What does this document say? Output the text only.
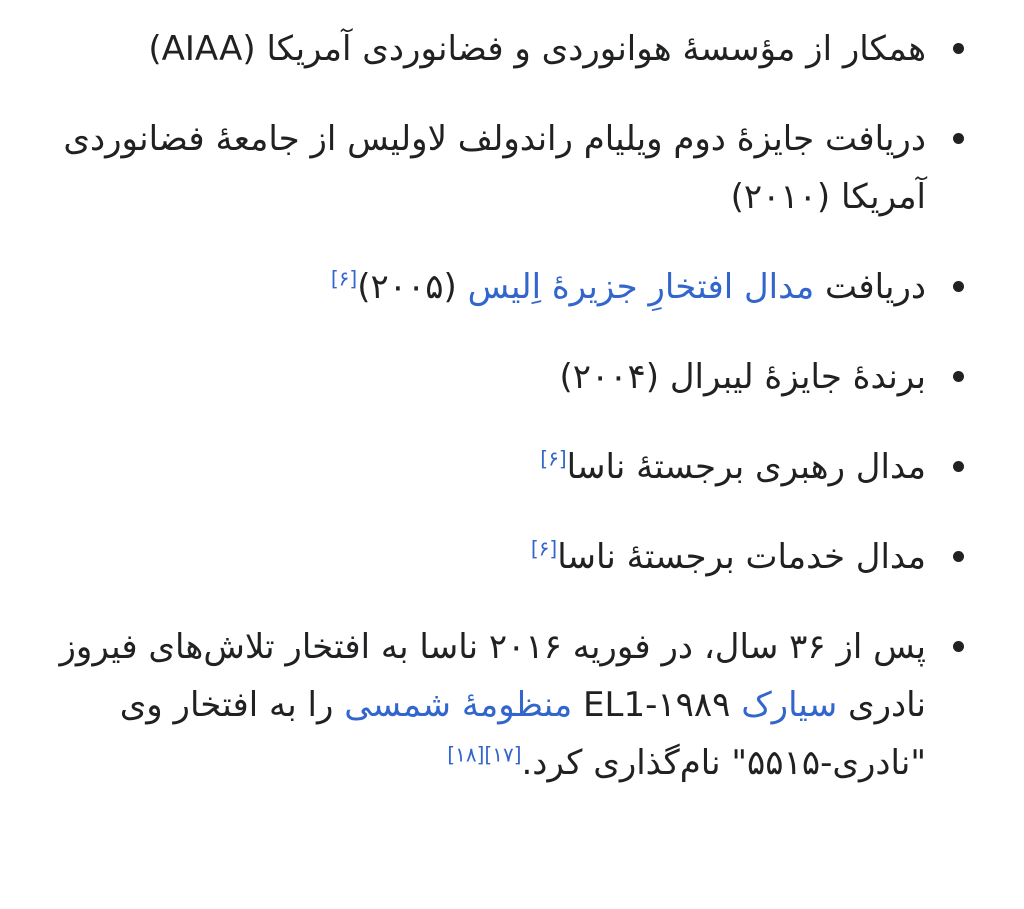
همکار از مؤسسهٔ هوانوردی و فضانوردی آمریکا (AIAA)
دریافت جایزهٔ دوم ویلیام راندولف لاولیس از جامعهٔ فضانوردی آمریکا (۲۰۱۰)
دریافت مدال افتخارِ جزیرهٔ اِلیس (۲۰۰۵)[۶]
برندهٔ جایزهٔ لیبرال (۲۰۰۴)
مدال رهبری برجستهٔ ناسا[۶]
مدال خدمات برجستهٔ ناسا[۶]
پس از ۳۶ سال، در فوریه ۲۰۱۶ ناسا به افتخار تلاش‌های فیروز نادری سیارک ۱۹۸۹-EL1 منظومهٔ شمسی را به افتخار وی "نادری-۵۵۱۵" نام‌گذاری کرد.[۱۷][۱۸]
